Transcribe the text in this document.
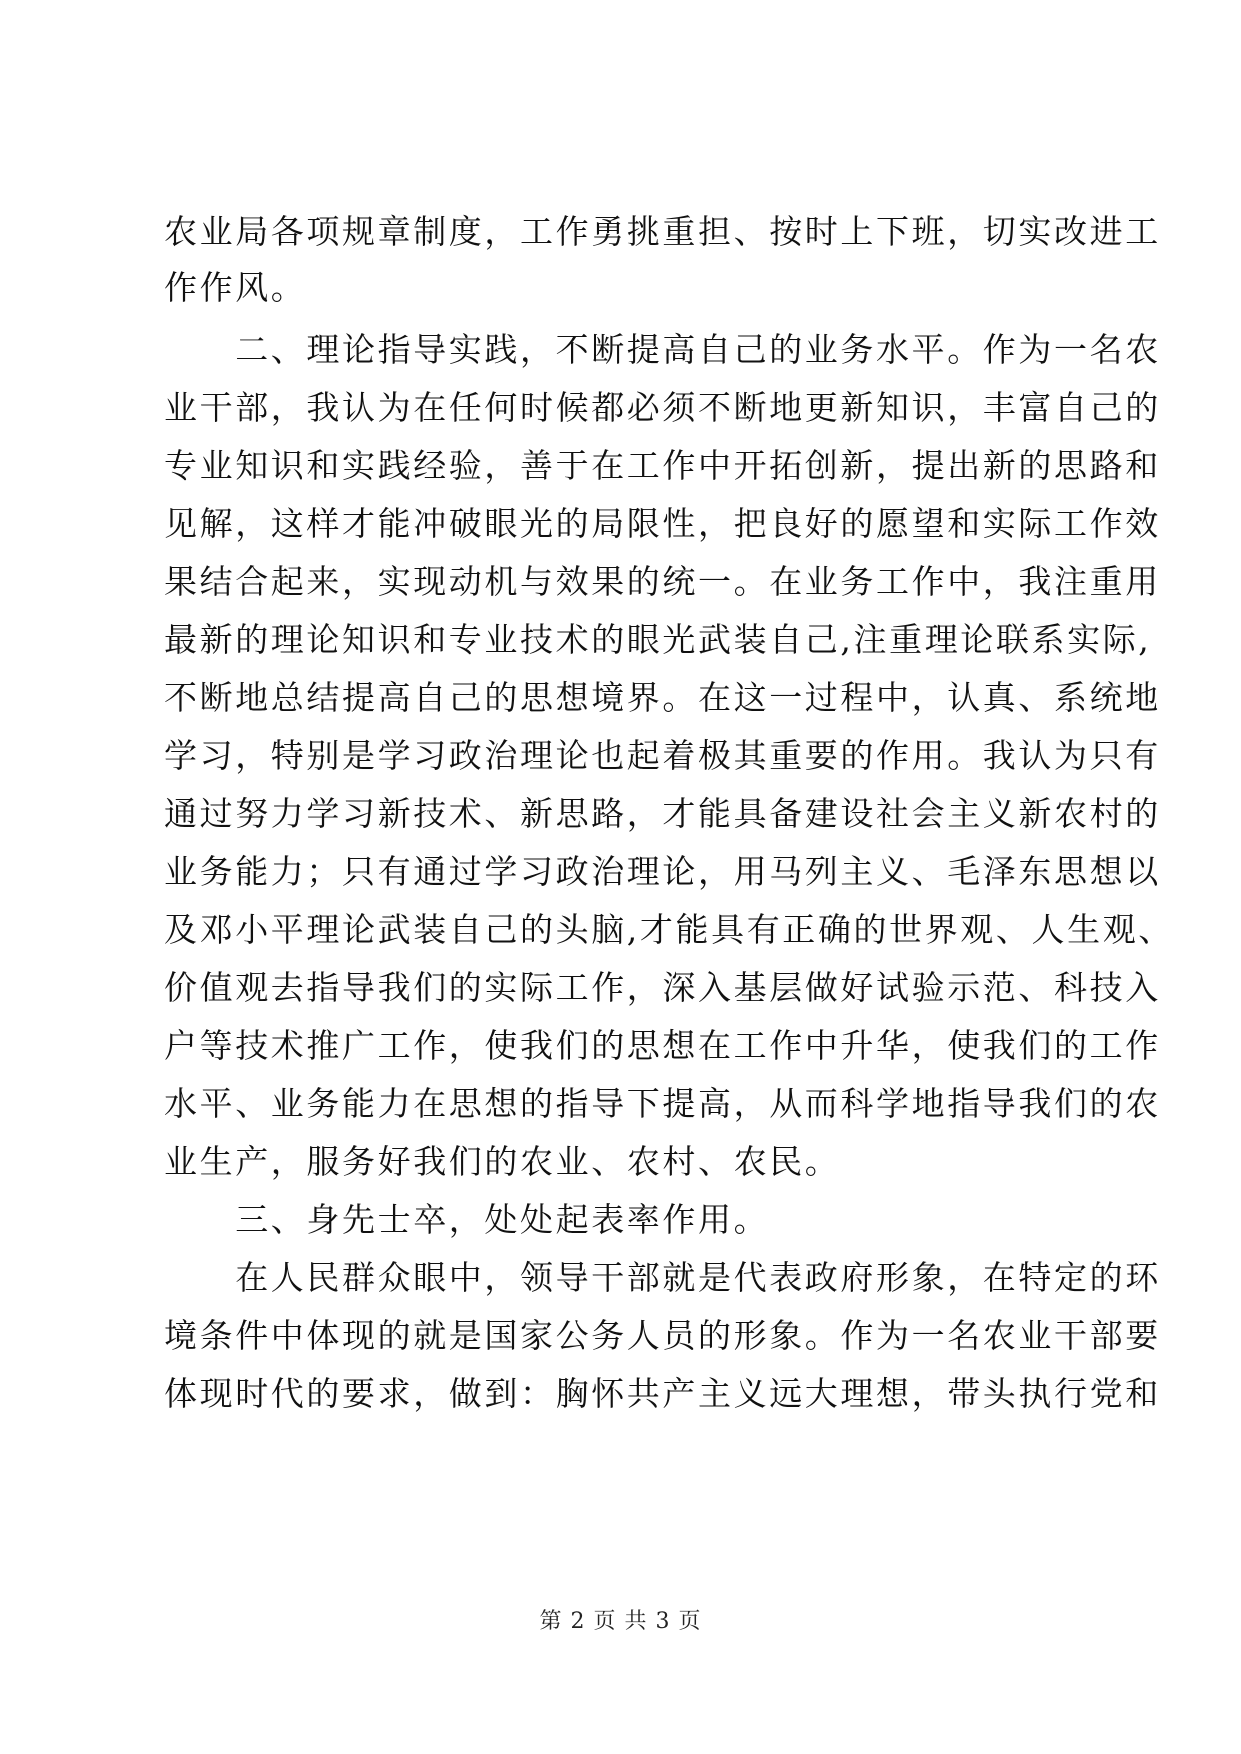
农业局各项规章制度，工作勇挑重担、按时上下班，切实改进工
作作风。
　　二、理论指导实践，不断提高自己的业务水平。作为一名农
业干部，我认为在任何时候都必须不断地更新知识，丰富自己的
专业知识和实践经验，善于在工作中开拓创新，提出新的思路和
见解，这样才能冲破眼光的局限性，把良好的愿望和实际工作效
果结合起来，实现动机与效果的统一。在业务工作中，我注重用
最新的理论知识和专业技术的眼光武装自己,注重理论联系实际,
不断地总结提高自己的思想境界。在这一过程中，认真、系统地
学习，特别是学习政治理论也起着极其重要的作用。我认为只有
通过努力学习新技术、新思路，才能具备建设社会主义新农村的
业务能力；只有通过学习政治理论，用马列主义、毛泽东思想以
及邓小平理论武装自己的头脑,才能具有正确的世界观、人生观、
价值观去指导我们的实际工作，深入基层做好试验示范、科技入
户等技术推广工作，使我们的思想在工作中升华，使我们的工作
水平、业务能力在思想的指导下提高，从而科学地指导我们的农
业生产，服务好我们的农业、农村、农民。
　　三、身先士卒，处处起表率作用。
　　在人民群众眼中，领导干部就是代表政府形象，在特定的环
境条件中体现的就是国家公务人员的形象。作为一名农业干部要
体现时代的要求，做到：胸怀共产主义远大理想，带头执行党和
第 2 页 共 3 页
